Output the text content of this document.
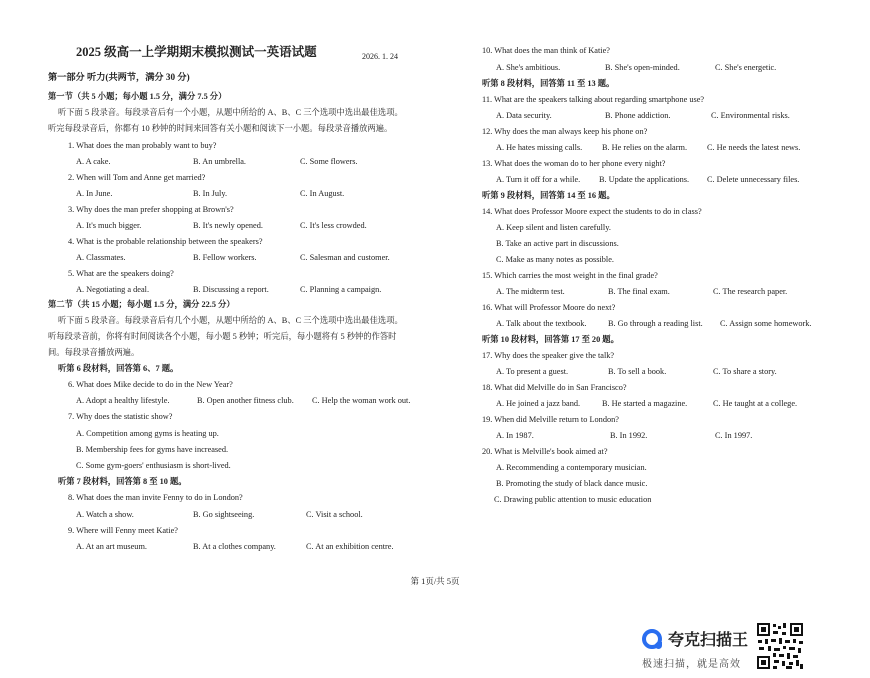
2025 级高一上学期期末模拟测试一英语试题	2026. 1. 24
第一部分 听力(共两节，满分 30 分)
第一节（共 5 小题；每小题 1.5 分，满分 7.5 分）
听下面 5 段录音。每段录音后有一个小题，从题中所给的 A、B、C 三个选项中选出最佳选项。
听完每段录音后，你都有 10 秒钟的时间来回答有关小题和阅读下一小题。每段录音播放两遍。
1. What does the man probably want to buy?
A. A cake.	B. An umbrella.	C. Some flowers.
2. When will Tom and Anne get married?
A. In June.	B. In July.	C. In August.
3. Why does the man prefer shopping at Brown's?
A. It's much bigger.	B. It's newly opened.	C. It's less crowded.
4. What is the probable relationship between the speakers?
A. Classmates.	B. Fellow workers.	C. Salesman and customer.
5. What are the speakers doing?
A. Negotiating a deal.	B. Discussing a report.	C. Planning a campaign.
第二节（共 15 小题；每小题 1.5 分，满分 22.5 分）
听下面 5 段录音。每段录音后有几个小题，从题中所给的 A、B、C 三个选项中选出最佳选项。
听每段录音前，你将有时间阅读各个小题，每小题 5 秒钟；听完后，每小题将有 5 秒钟的作答时
间。每段录音播放两遍。
听第 6 段材料，回答第 6、7 题。
6. What does Mike decide to do in the New Year?
A. Adopt a healthy lifestyle.	B. Open another fitness club. C. Help the woman work out.
7. Why does the statistic show?
A. Competition among gyms is heating up.
B. Membership fees for gyms have increased.
C. Some gym-goers' enthusiasm is short-lived.
听第 7 段材料，回答第 8 至 10 题。
8. What does the man invite Fenny to do in London?
A. Watch a show.	B. Go sightseeing.	C. Visit a school.
9. Where will Fenny meet Katie?
A. At an art museum.	B. At a clothes company.	C. At an exhibition centre.
10. What does the man think of Katie?
A. She's ambitious.	B. She's open-minded.	C. She's energetic.
听第 8 段材料，回答第 11 至 13 题。
11. What are the speakers talking about regarding smartphone use?
A. Data security.	B. Phone addiction.	C. Environmental risks.
12. Why does the man always keep his phone on?
A. He hates missing calls. B. He relies on the alarm. C. He needs the latest news.
13. What does the woman do to her phone every night?
A. Turn it off for a while. B. Update the applications. C. Delete unnecessary files.
听第 9 段材料，回答第 14 至 16 题。
14. What does Professor Moore expect the students to do in class?
A. Keep silent and listen carefully.
B. Take an active part in discussions.
C. Make as many notes as possible.
15. Which carries the most weight in the final grade?
A. The midterm test.	B. The final exam.	C. The research paper.
16. What will Professor Moore do next?
A. Talk about the textbook.	B. Go through a reading list. C. Assign some homework.
听第 10 段材料，回答第 17 至 20 题。
17. Why does the speaker give the talk?
A. To present a guest.	B. To sell a book.	C. To share a story.
18. What did Melville do in San Francisco?
A. He joined a jazz band.	B. He started a magazine.	C. He taught at a college.
19. When did Melville return to London?
A. In 1987.	B. In 1992.	C. In 1997.
20. What is Melville's book aimed at?
A. Recommending a contemporary musician.
B. Promoting the study of black dance music.
C. Drawing public attention to music education
第 1页/共 5页
夸克扫描王
极速扫描，就是高效
